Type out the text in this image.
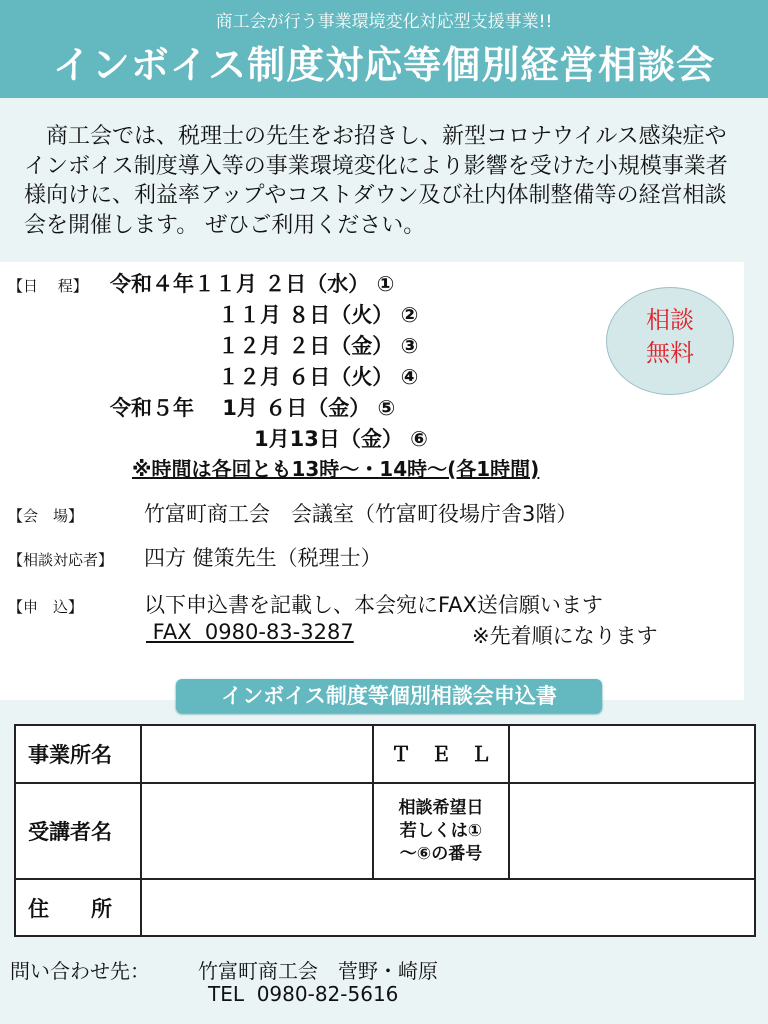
商工会が行う事業環境変化対応型支援事業!!
インボイス制度対応等個別経営相談会
商工会では、税理士の先生をお招きし、新型コロナウイルス感染症やインボイス制度導入等の事業環境変化により影響を受けた小規模事業者様向けに、利益率アップやコストダウン及び社内体制整備等の経営相談会を開催します。 ぜひご利用ください。
【日　 程】 令和４年１１月 ２日（水） ①
１１月 ８日（火） ②
１２月 ２日（金） ③
１２月 ６日（火） ④
令和５年　 1月 ６日（金） ⑤
1月13日（金） ⑥
※時間は各回とも13時～・14時～(各1時間)
相談
無料
【会　場】	竹富町商工会　会議室（竹富町役場庁舎3階）
【相談対応者】 四方 健策先生（税理士）
【申　込】	以下申込書を記載し、本会宛にFAX送信願います
FAX  0980-83-3287	※先着順になります
インボイス制度等個別相談会申込書
事業所名		Ｔ　Ｅ　Ｌ	
受講者名		相談希望日
若しくは①
～⑥の番号	

住　　所			
問い合わせ先： 竹富町商工会　菅野・崎原
TEL  0980-82-5616
